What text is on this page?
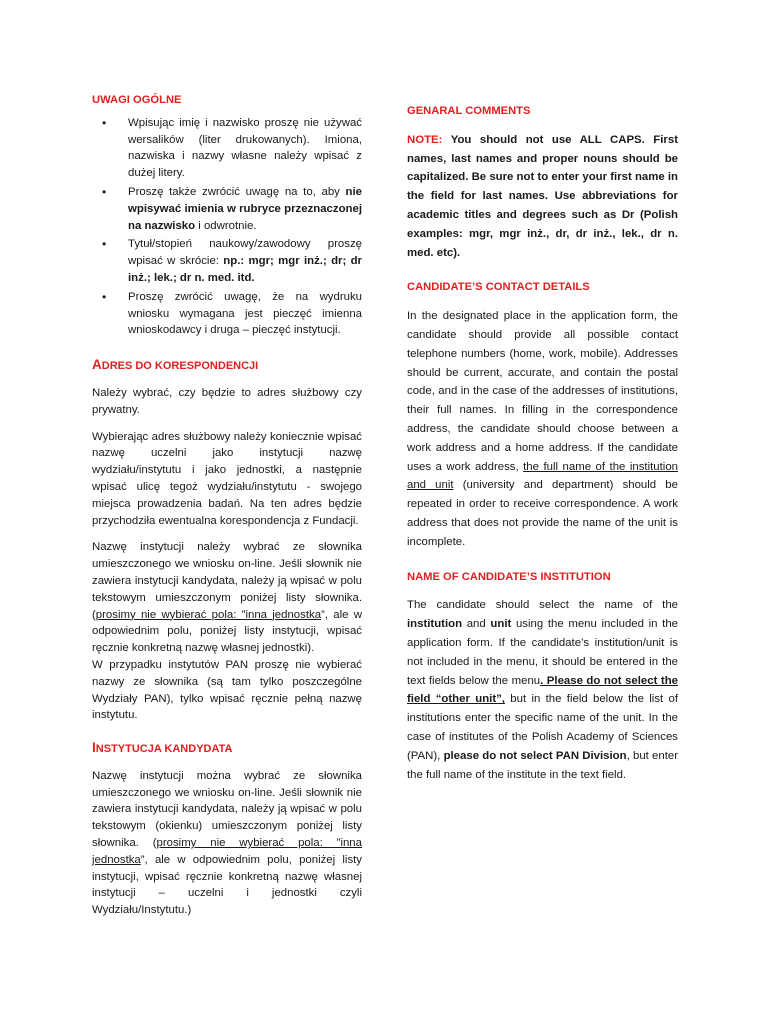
UWAGI OGÓLNE
• Wpisując imię i nazwisko proszę nie używać wersalików (liter drukowanych). Imiona, nazwiska i nazwy własne należy wpisać z dużej litery.
• Proszę także zwrócić uwagę na to, aby nie wpisywać imienia w rubryce przeznaczonej na nazwisko i odwrotnie.
• Tytuł/stopień naukowy/zawodowy proszę wpisać w skrócie: np.: mgr; mgr inż.; dr; dr inż.; lek.; dr n. med. itd.
• Proszę zwrócić uwagę, że na wydruku wniosku wymagana jest pieczęć imienna wnioskodawcy i druga – pieczęć instytucji.
ADRES DO KORESPONDENCJI

Należy wybrać, czy będzie to adres służbowy czy prywatny.

Wybierając adres służbowy należy koniecznie wpisać nazwę uczelni jako instytucji nazwę wydziału/instytutu i jako jednostki, a następnie wpisać ulicę tegoż wydziału/instytutu - swojego miejsca prowadzenia badań. Na ten adres będzie przychodziła ewentualna korespondencja z Fundacji.

Nazwę instytucji należy wybrać ze słownika umieszczonego we wniosku on-line. Jeśli słownik nie zawiera instytucji kandydata, należy ją wpisać w polu tekstowym umieszczonym poniżej listy słownika. (prosimy nie wybierać pola: ”inna jednostka”, ale w odpowiednim polu, poniżej listy instytucji, wpisać ręcznie konkretną nazwę własnej jednostki).

W przypadku instytutów PAN proszę nie wybierać nazwy ze słownika (są tam tylko poszczególne Wydziały PAN), tylko wpisać ręcznie pełną nazwę instytutu.

INSTYTUCJA KANDYDATA

Nazwę instytucji można wybrać ze słownika umieszczonego we wniosku on-line. Jeśli słownik nie zawiera instytucji kandydata, należy ją wpisać w polu tekstowym (okienku) umieszczonym poniżej listy słownika. (prosimy nie wybierać pola: ”inna jednostka”, ale w odpowiednim polu, poniżej listy instytucji, wpisać ręcznie konkretną nazwę własnej instytucji – uczelni i jednostki czyli Wydziału/Instytutu.)

GENARAL COMMENTS

NOTE: You should not use ALL CAPS. First names, last names and proper nouns should be capitalized. Be sure not to enter your first name in the field for last names. Use abbreviations for academic titles and degrees such as Dr (Polish examples: mgr, mgr inż., dr, dr inż., lek., dr n. med. etc).

CANDIDATE’S CONTACT DETAILS

In the designated place in the application form, the candidate should provide all possible contact telephone numbers (home, work, mobile). Addresses should be current, accurate, and contain the postal code, and in the case of the addresses of institutions, their full names. In filling in the correspondence address, the candidate should choose between a work address and a home address. If the candidate uses a work address, the full name of the institution and unit (university and department) should be repeated in order to receive correspondence. A work address that does not provide the name of the unit is incomplete.

NAME OF CANDIDATE’S INSTITUTION

The candidate should select the name of the institution and unit using the menu included in the application form. If the candidate’s institution/unit is not included in the menu, it should be entered in the text fields below the menu. Please do not select the field “other unit”, but in the field below the list of institutions enter the specific name of the unit. In the case of institutes of the Polish Academy of Sciences (PAN), please do not select PAN Division, but enter the full name of the institute in the text field.
